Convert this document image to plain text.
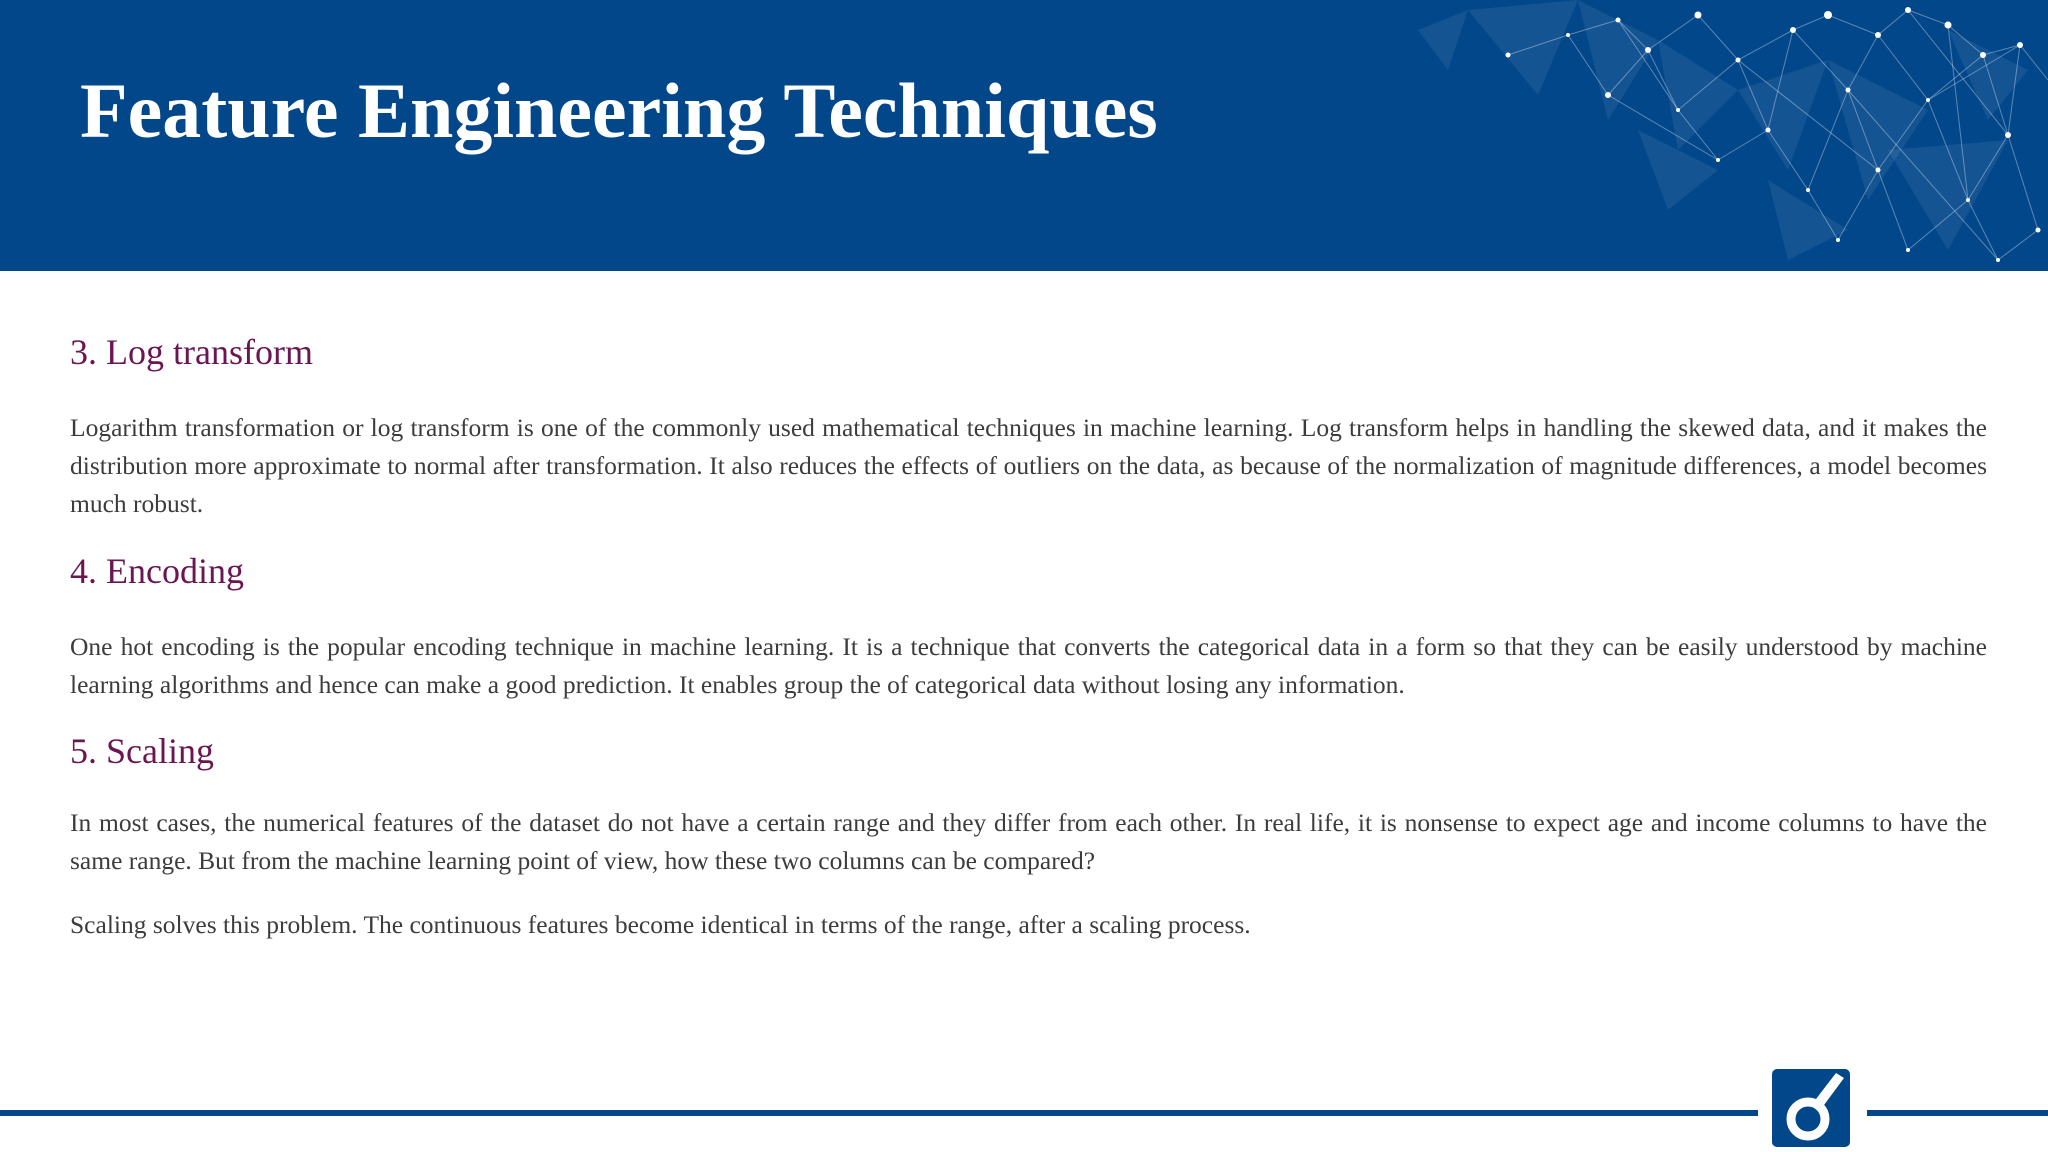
Feature Engineering Techniques
3. Log transform

Logarithm transformation or log transform is one of the commonly used mathematical techniques in machine learning. Log transform helps in handling the skewed data, and it makes the distribution more approximate to normal after transformation. It also reduces the effects of outliers on the data, as because of the normalization of magnitude differences, a model becomes much robust.

4. Encoding

One hot encoding is the popular encoding technique in machine learning. It is a technique that converts the categorical data in a form so that they can be easily understood by machine learning algorithms and hence can make a good prediction. It enables group the of categorical data without losing any information.

5. Scaling

In most cases, the numerical features of the dataset do not have a certain range and they differ from each other. In real life, it is nonsense to expect age and income columns to have the same range. But from the machine learning point of view, how these two columns can be compared?

Scaling solves this problem. The continuous features become identical in terms of the range, after a scaling process.
